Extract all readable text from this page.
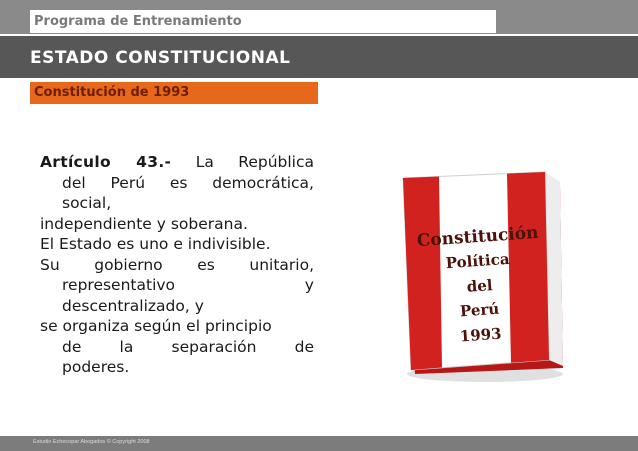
Programa de Entrenamiento
ESTADO CONSTITUCIONAL
Constitución de 1993

Artículo 43.- La República

del Perú es democrática,

social,

independiente y soberana.

El Estado es uno e indivisible.

Su gobierno es unitario,

representativo y

descentralizado, y

se organiza según el principio

de la separación de

poderes.

Constitución
Política
del
Perú
1993
Estudio Echecopar Abogados © Copyright 2008
